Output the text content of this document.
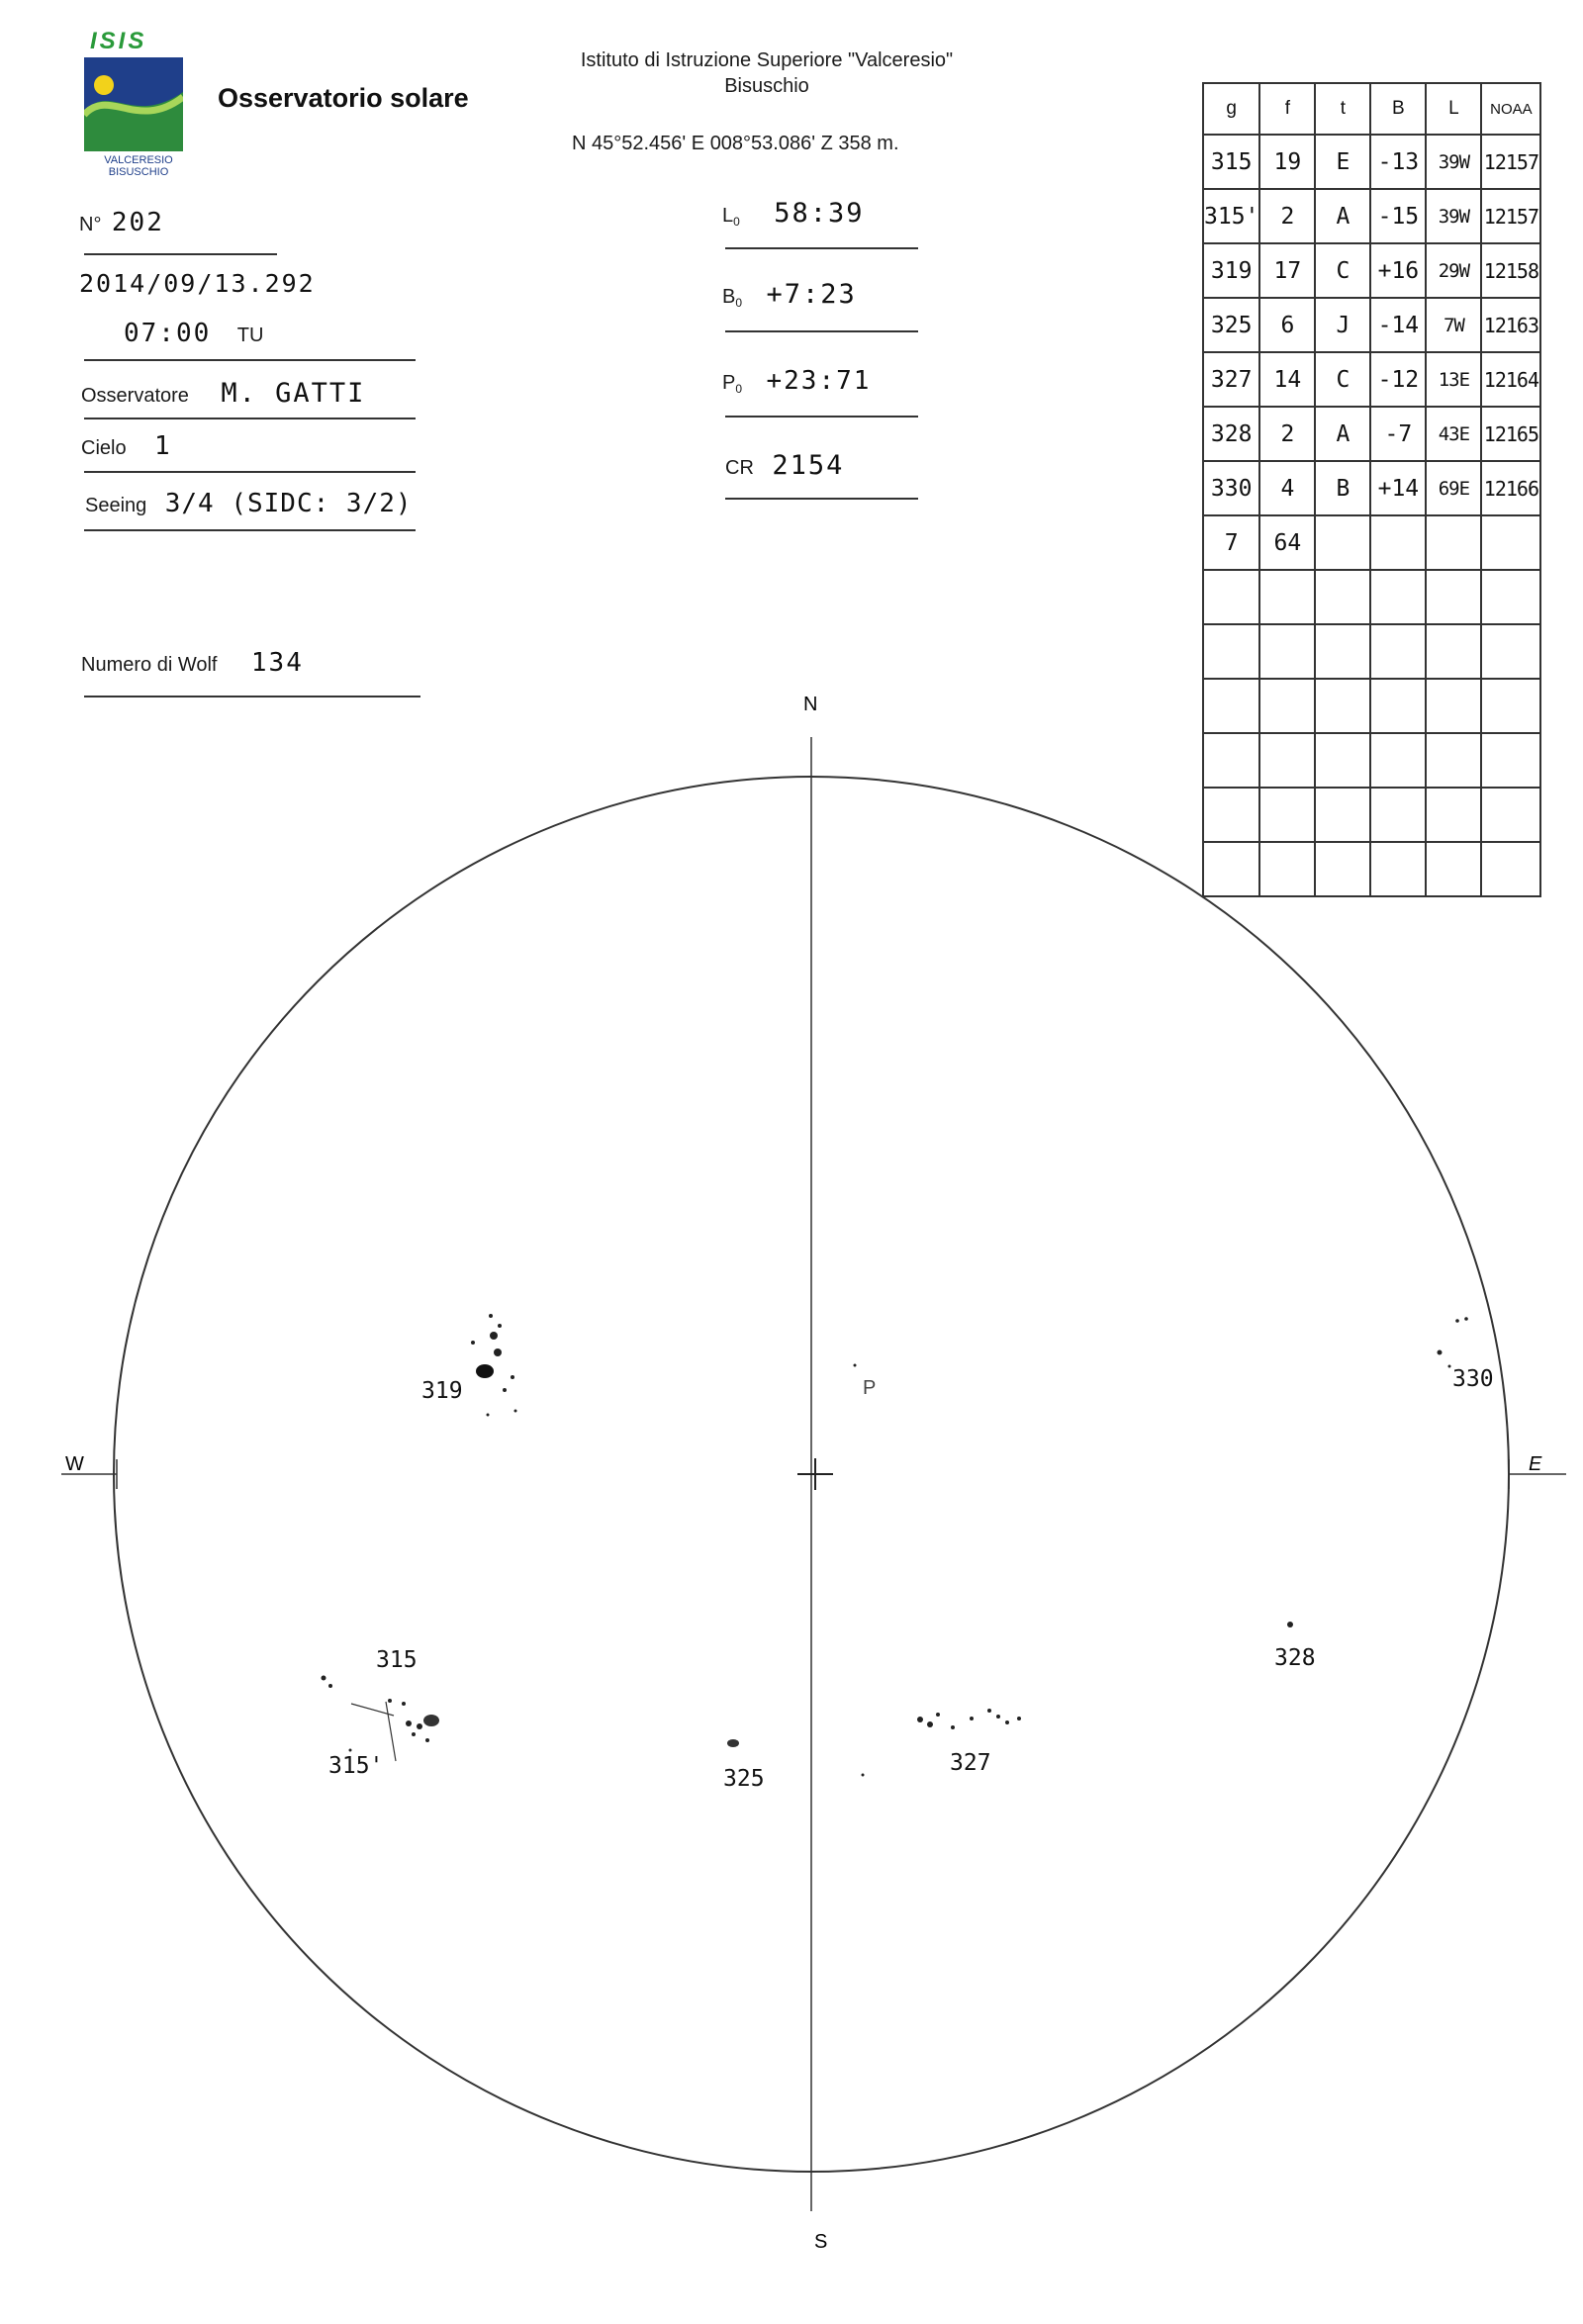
ISIS
VALCERESIO
BISUSCHIO
Osservatorio solare
Istituto di Istruzione Superiore "Valceresio"
Bisuschio
N 45°52.456' E 008°53.086' Z 358 m.
N° 202
2014/09/13.292
07:00 TU
Osservatore M. GATTI
Cielo 1
Seeing 3/4 (SIDC: 3/2)
Numero di Wolf 134
$L_0$ 58:39
$B_0$ +7:23
$P_0$ +23:71
CR 2154
g	f	t	B	L	NOAA
315	19	E	-13	39W	12157
315'	2	A	-15	39W	12157
319	17	C	+16	29W	12158
325	6	J	-14	7W	12163
327	14	C	-12	13E	12164
328	2	A	-7	43E	12165
330	4	B	+14	69E	12166
7	64				

N
S
W	E
P
319
315
315'	325
327
328
330
